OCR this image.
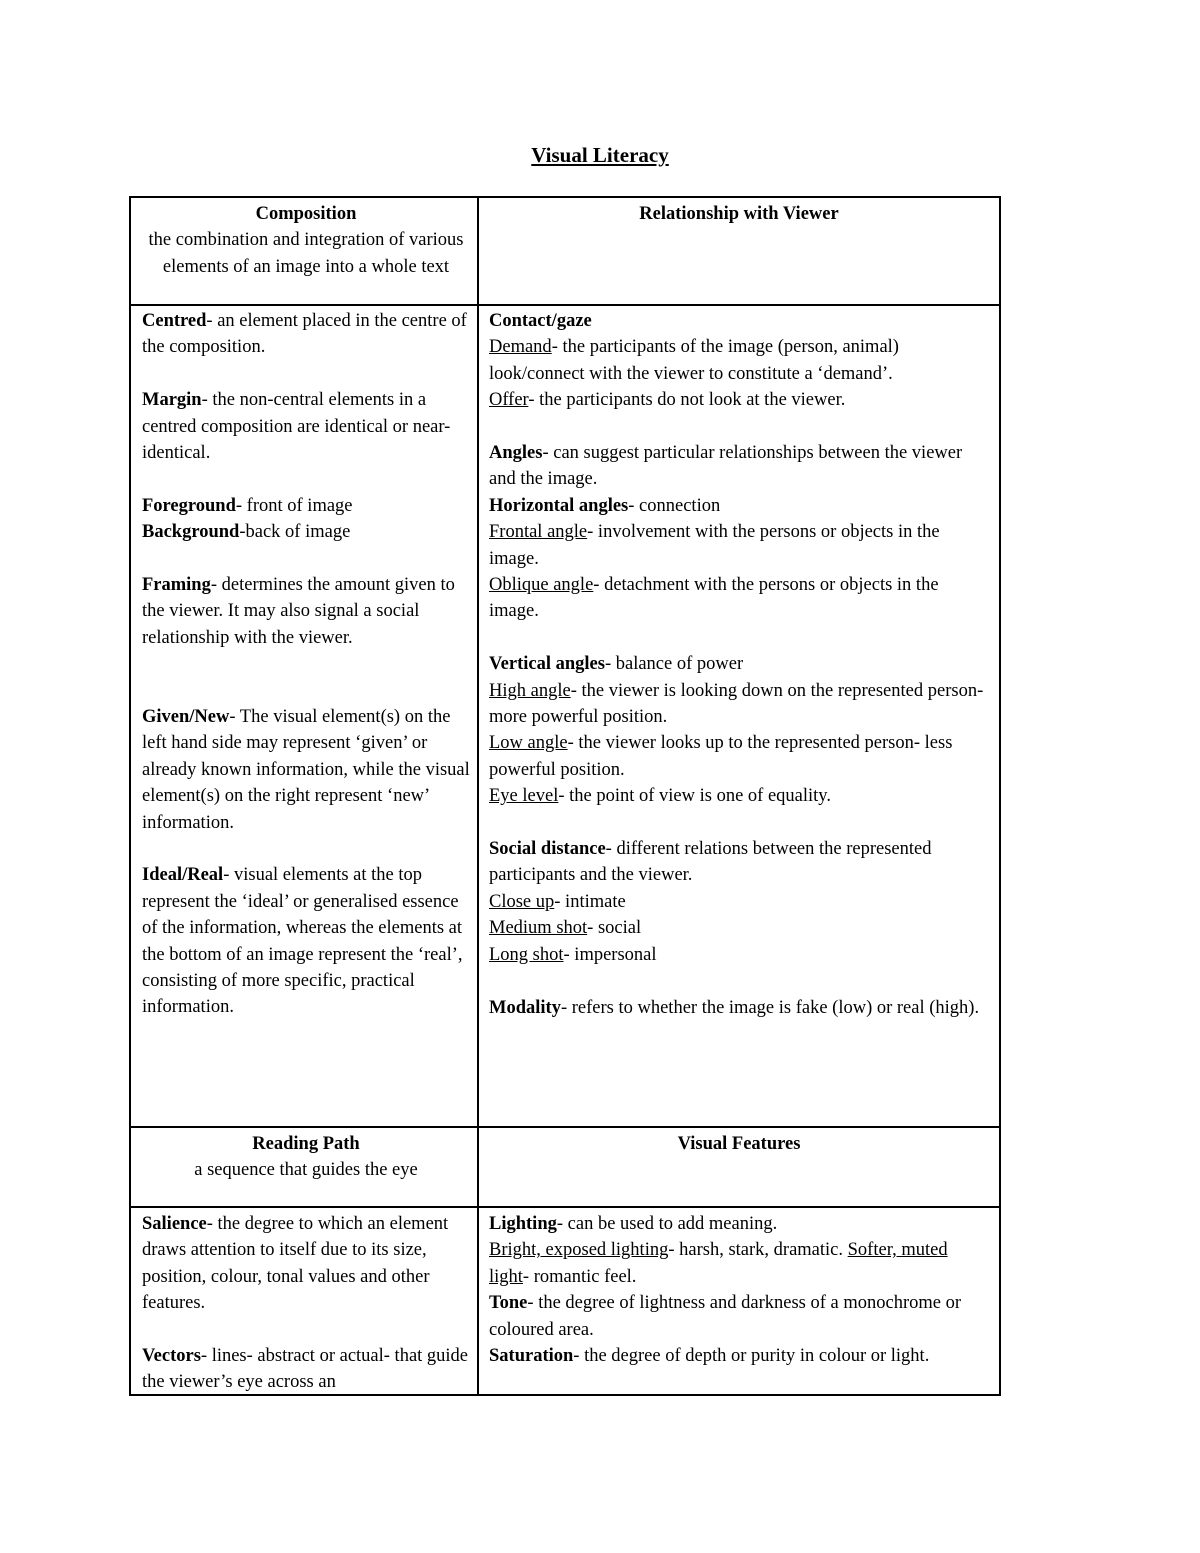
Visual Literacy

Composition

the combination and integration of various elements of an image into a whole text

Relationship with Viewer

Centred- an element placed in the centre of the composition.

Margin- the non-central elements in a centred composition are identical or near-identical.

Foreground- front of image

Background-back of image

Framing- determines the amount given to the viewer. It may also signal a social relationship with the viewer.

Given/New- The visual element(s) on the left hand side may represent ‘given’ or already known information, while the visual element(s) on the right represent ‘new’ information.

Ideal/Real- visual elements at the top represent the ‘ideal’ or generalised essence of the information, whereas the elements at the bottom of an image represent the ‘real’, consisting of more specific, practical information.

Contact/gaze

Demand- the participants of the image (person, animal) look/connect with the viewer to constitute a ‘demand’.

Offer- the participants do not look at the viewer.

Angles- can suggest particular relationships between the viewer and the image.

Horizontal angles- connection

Frontal angle- involvement with the persons or objects in the image.

Oblique angle- detachment with the persons or objects in the image.

Vertical angles- balance of power

High angle- the viewer is looking down on the represented person- more powerful position.

Low angle- the viewer looks up to the represented person- less powerful position.

Eye level- the point of view is one of equality.

Social distance- different relations between the represented participants and the viewer.

Close up- intimate

Medium shot- social

Long shot- impersonal

Modality- refers to whether the image is fake (low) or real (high).

Reading Path

a sequence that guides the eye

Visual Features

Salience- the degree to which an element draws attention to itself due to its size, position, colour, tonal values and other features.

Vectors- lines- abstract or actual- that guide the viewer’s eye across an

Lighting- can be used to add meaning.

Bright, exposed lighting- harsh, stark, dramatic. Softer, muted light- romantic feel.

Tone- the degree of lightness and darkness of a monochrome or coloured area.

Saturation- the degree of depth or purity in colour or light.
